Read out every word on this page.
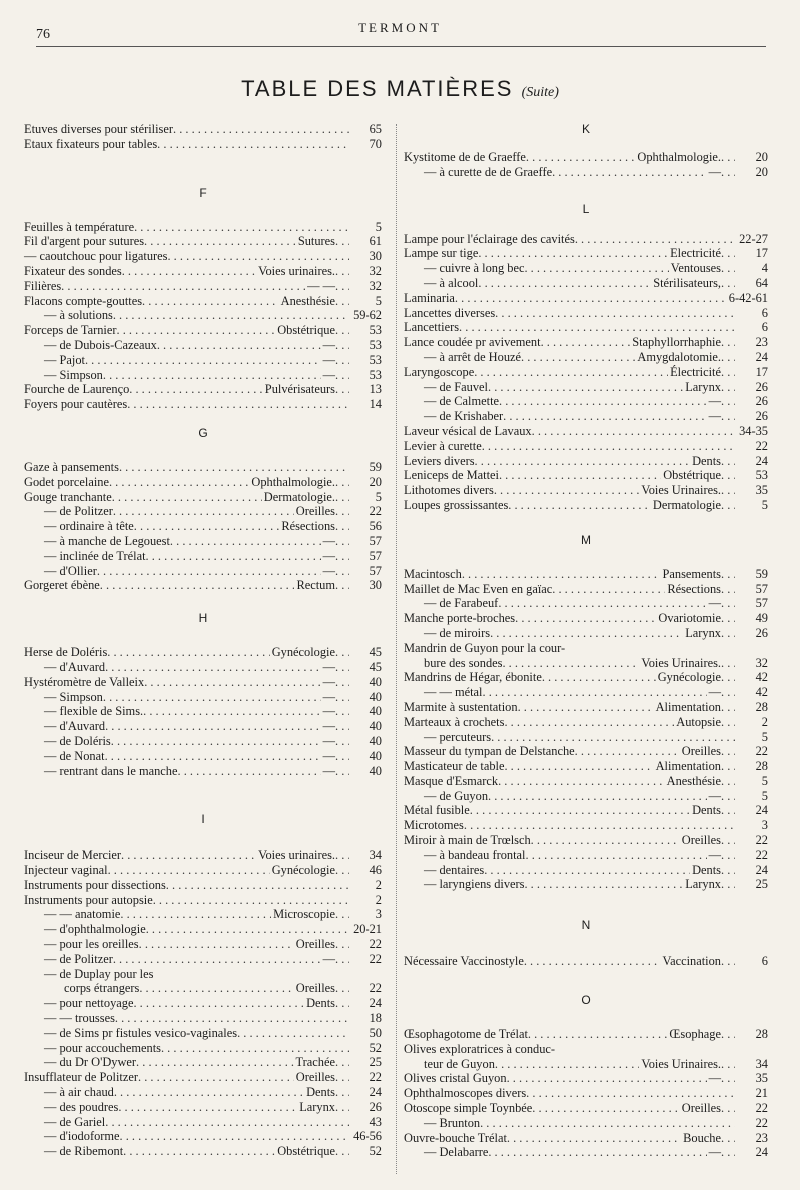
76	TERMONT
TABLE DES MATIÈRES (Suite)
Etuves diverses pour stériliser . . .	65
Etaux fixateurs pour tables . . .	70
F
Feuilles à température . . .	5
Fil d'argent pour sutures . . .	Sutures . . .	61
— caoutchouc pour ligatures . . .	30
Fixateur des sondes . . .	Voies urinaires. . . .	32
Filières . . .	— — . . .	32
Flacons compte-gouttes . . .	Anesthésie . . .	5
— à solutions . . .	59-62
Forceps de Tarnier . . .	Obstétrique . . .	53
— de Dubois-Cazeaux . . .	— . . .	53
— Pajot . . .	— . . .	53
— Simpson . . .	— . . .	53
Fourche de Laurenço . . .	Pulvérisateurs . . .	13
Foyers pour cautères . . .	14
G
Gaze à pansements . . .	59
Godet porcelaine . . .	Ophthalmologie. . . .	20
Gouge tranchante . . .	Dermatologie. . . .	5
— de Politzer . . .	Oreilles . . .	22
— ordinaire à tête . . .	Résections . . .	56
— à manche de Legouest . . .	— . . .	57
— inclinée de Trélat . . .	— . . .	57
— d'Ollier . . .	— . . .	57
Gorgeret ébène . . .	Rectum . . .	30
H
Herse de Doléris . . .	Gynécologie . . .	45
— d'Auvard . . .	— . . .	45
Hystéromètre de Valleix . . .	— . . .	40
— Simpson . . .	— . . .	40
— flexible de Sims. . . .	— . . .	40
— d'Auvard . . .	— . . .	40
— de Doléris . . .	— . . .	40
— de Nonat . . .	— . . .	40
— rentrant dans le manche . . .	— . . .	40
I
Inciseur de Mercier . . .	Voies urinaires. . . .	34
Injecteur vaginal . . .	Gynécologie . . .	46
Instruments pour dissections . . .	2
Instruments pour autopsie . . .	2
— — anatomie . . .	Microscopie . . .	3
— d'ophthalmologie . . .	20-21
— pour les oreilles . . .	Oreilles . . .	22
— de Politzer . . .	— . . .	22
— de Duplay pour les
corps étrangers . . .	Oreilles . . .	22
— pour nettoyage . . .	Dents . . .	24
— — trousses . . .	18
— de Sims pr fistules vesico-vaginales . . .	50
— pour accouchements . . .	52
— du Dr O'Dywer . . .	Trachée . . .	25
Insufflateur de Politzer . . .	Oreilles . . .	22
— à air chaud . . .	Dents . . .	24
— des poudres . . .	Larynx . . .	26
— de Gariel . . .	43
— d'iodoforme . . .	46-56
— de Ribemont . . .	Obstétrique . . .	52
K
Kystitome de de Graeffe . . .	Ophthalmologie. . . .	20
— à curette de de Graeffe . . .	— . . .	20
L
Lampe pour l'éclairage des cavités . . .	22-27
Lampe sur tige . . .	Electricité . . .	17
— cuivre à long bec . . .	Ventouses . . .	4
— à alcool . . .	Stérilisateurs, . . .	64
Laminaria . . .	6-42-61
Lancettes diverses . . .	6
Lancettiers . . .	6
Lance coudée pr avivement . . .	Staphyllorrhaphie . . .	23
— à arrêt de Houzé . . .	Amygdalotomie. . . .	24
Laryngoscope . . .	Électricité . . .	17
— de Fauvel . . .	Larynx . . .	26
— de Calmette . . .	— . . .	26
— de Krishaber . . .	— . . .	26
Laveur vésical de Lavaux . . .	34-35
Levier à curette . . .	22
Leviers divers . . .	Dents . . .	24
Leniceps de Mattei . . .	Obstétrique . . .	53
Lithotomes divers . . .	Voies Urinaires. . . .	35
Loupes grossissantes . . .	Dermatologie . . .	5
M
Macintosch . . .	Pansements . . .	59
Maillet de Mac Even en gaïac . . .	Résections . . .	57
— de Farabeuf . . .	— . . .	57
Manche porte-broches . . .	Ovariotomie . . .	49
— de miroirs . . .	Larynx . . .	26
Mandrin de Guyon pour la cour-
bure des sondes . . .	Voies Urinaires. . . .	32
Mandrins de Hégar, ébonite . . .	Gynécologie . . .	42
— — métal . . .	— . . .	42
Marmite à sustentation . . .	Alimentation . . .	28
Marteaux à crochets . . .	Autopsie . . .	2
— percuteurs . . .	5
Masseur du tympan de Delstanche . . .	Oreilles . . .	22
Masticateur de table . . .	Alimentation . . .	28
Masque d'Esmarck . . .	Anesthésie . . .	5
— de Guyon . . .	— . . .	5
Métal fusible . . .	Dents . . .	24
Microtomes . . .	3
Miroir à main de Trœlsch . . .	Oreilles . . .	22
— à bandeau frontal . . .	— . . .	22
— dentaires . . .	Dents . . .	24
— laryngiens divers . . .	Larynx . . .	25
N
Nécessaire Vaccinostyle . . .	Vaccination . . .	6
O
Œsophagotome de Trélat . . .	Œsophage . . .	28
Olives exploratrices à conduc-
teur de Guyon . . .	Voies Urinaires. . . .	34
Olives cristal Guyon . . .	— . . .	35
Ophthalmoscopes divers . . .	21
Otoscope simple Toynbée . . .	Oreilles . . .	22
— Brunton . . .	22
Ouvre-bouche Trélat . . .	Bouche . . .	23
— Delabarre . . .	— . . .	24
